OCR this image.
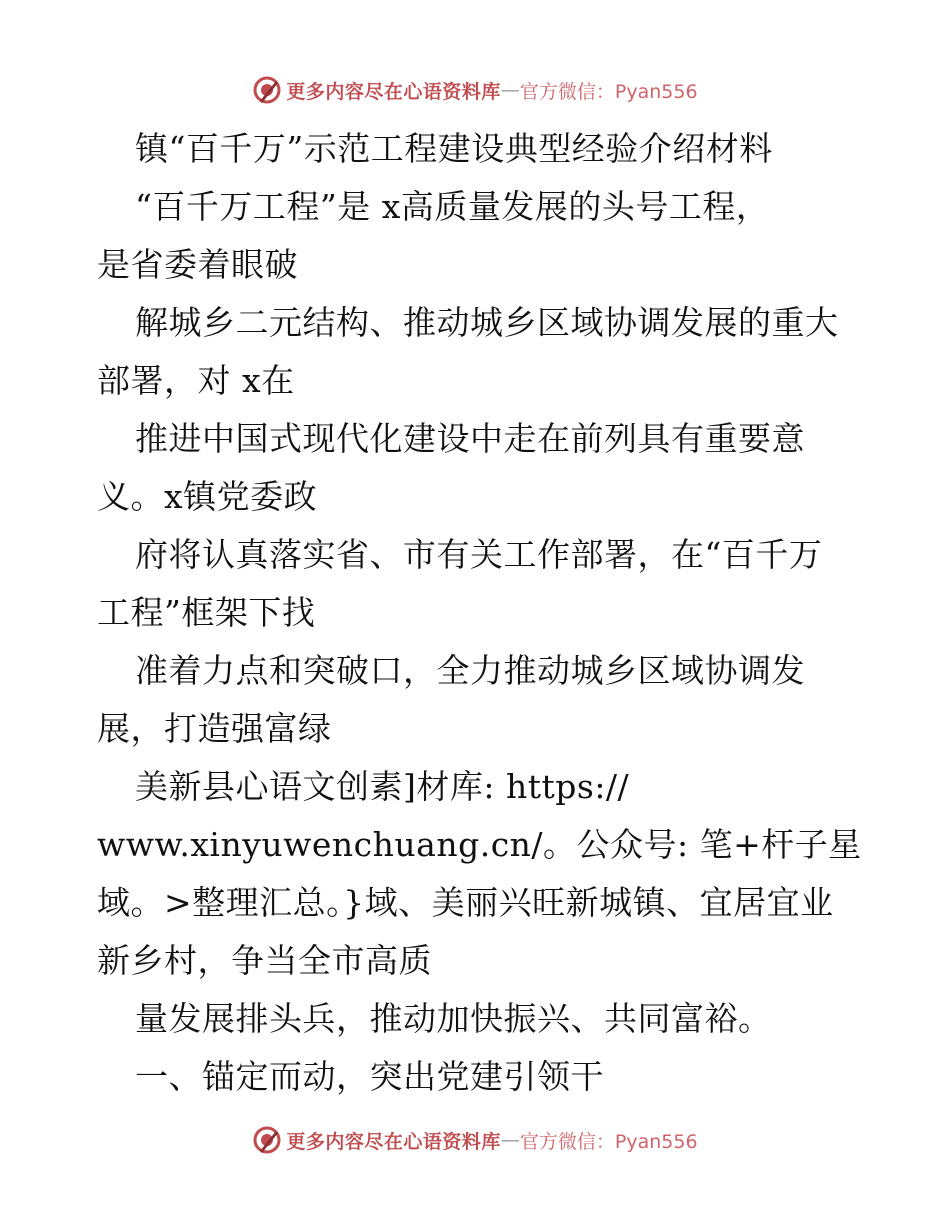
更多内容尽在心语资料库 — 官方微信：Pyan556
镇“百千万”示范工程建设典型经验介绍材料
“百千万工程”是 x高质量发展的头号工程，
是省委着眼破
解城乡二元结构、推动城乡区域协调发展的重大
部署，对 x在
推进中国式现代化建设中走在前列具有重要意
义。x镇党委政
府将认真落实省、市有关工作部署，在“百千万
工程”框架下找
准着力点和突破口，全力推动城乡区域协调发
展，打造强富绿
美新县心语文创素]材库: https://
www.xinyuwenchuang.cn/。公众号: 笔+杆子星
域。>整理汇总。}域、美丽兴旺新城镇、宜居宜业
新乡村，争当全市高质
量发展排头兵，推动加快振兴、共同富裕。
一、锚定而动，突出党建引领干
更多内容尽在心语资料库 — 官方微信：Pyan556
